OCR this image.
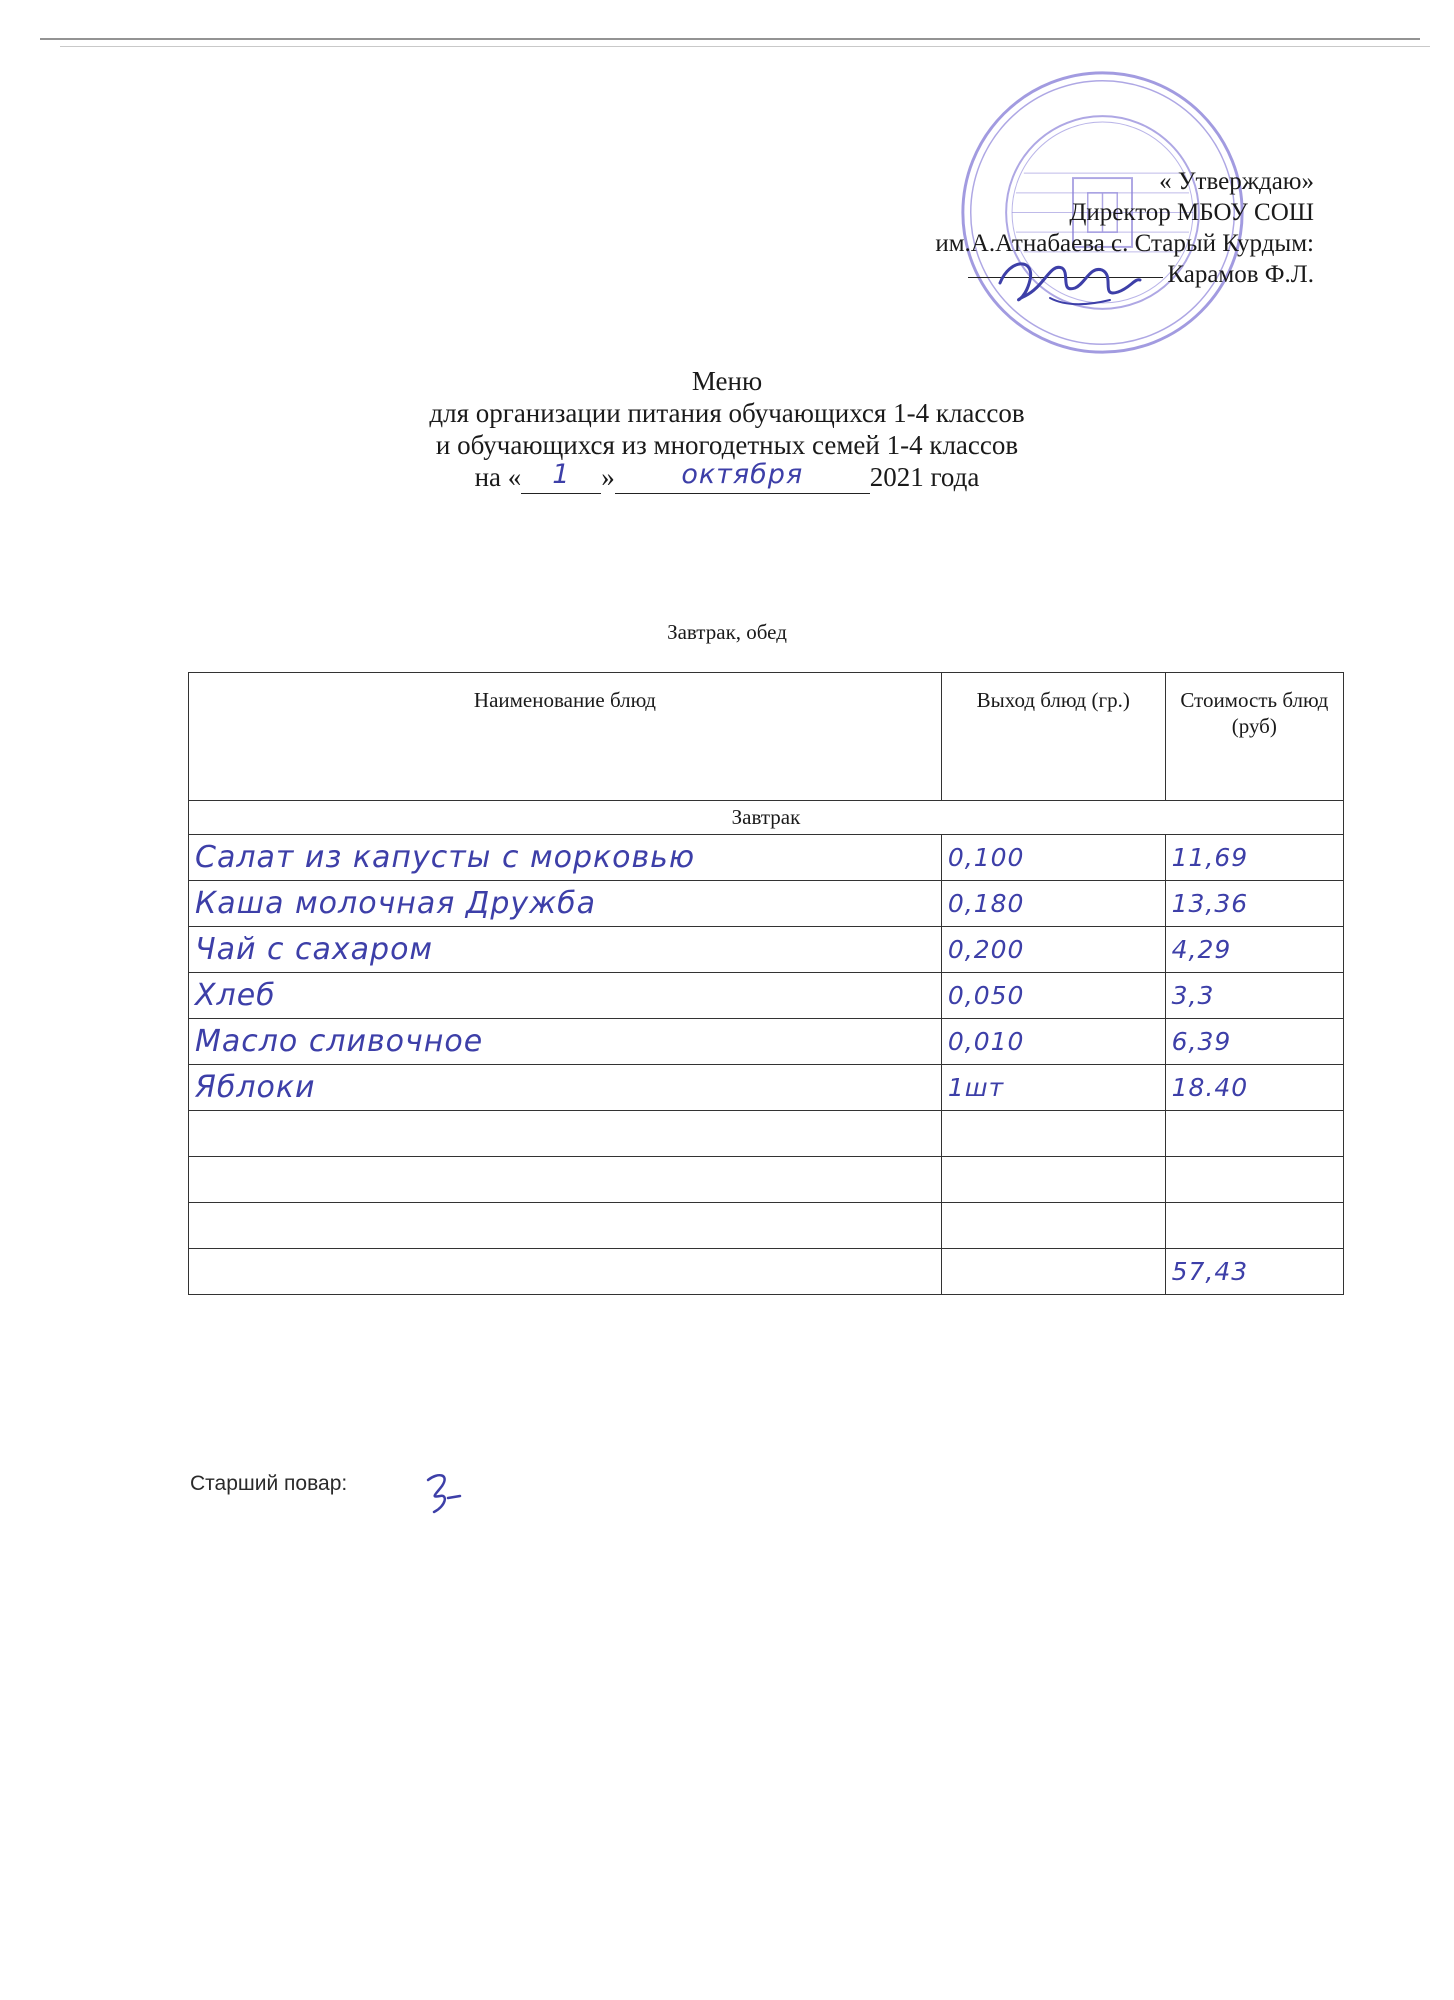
« Утверждаю»
Директор МБОУ СОШ
им.А.Атнабаева с. Старый Курдым:
Карамов Ф.Л.
Меню
для организации питания обучающихся 1-4 классов
и обучающихся из многодетных семей 1-4 классов
на «	1	»	октября	2021 года
Завтрак, обед
Наименование блюд	Выход блюд (гр.)	Стоимость блюд (руб)
Завтрак		
Салат из капусты с морковью	0,100	11,69
Каша молочная Дружба	0,180	13,36
Чай с сахаром	0,200	4,29
Хлеб	0,050	3,3
Масло сливочное	0,010	6,39
Яблоки	1шт	18.40

		57,43
Старший повар:
